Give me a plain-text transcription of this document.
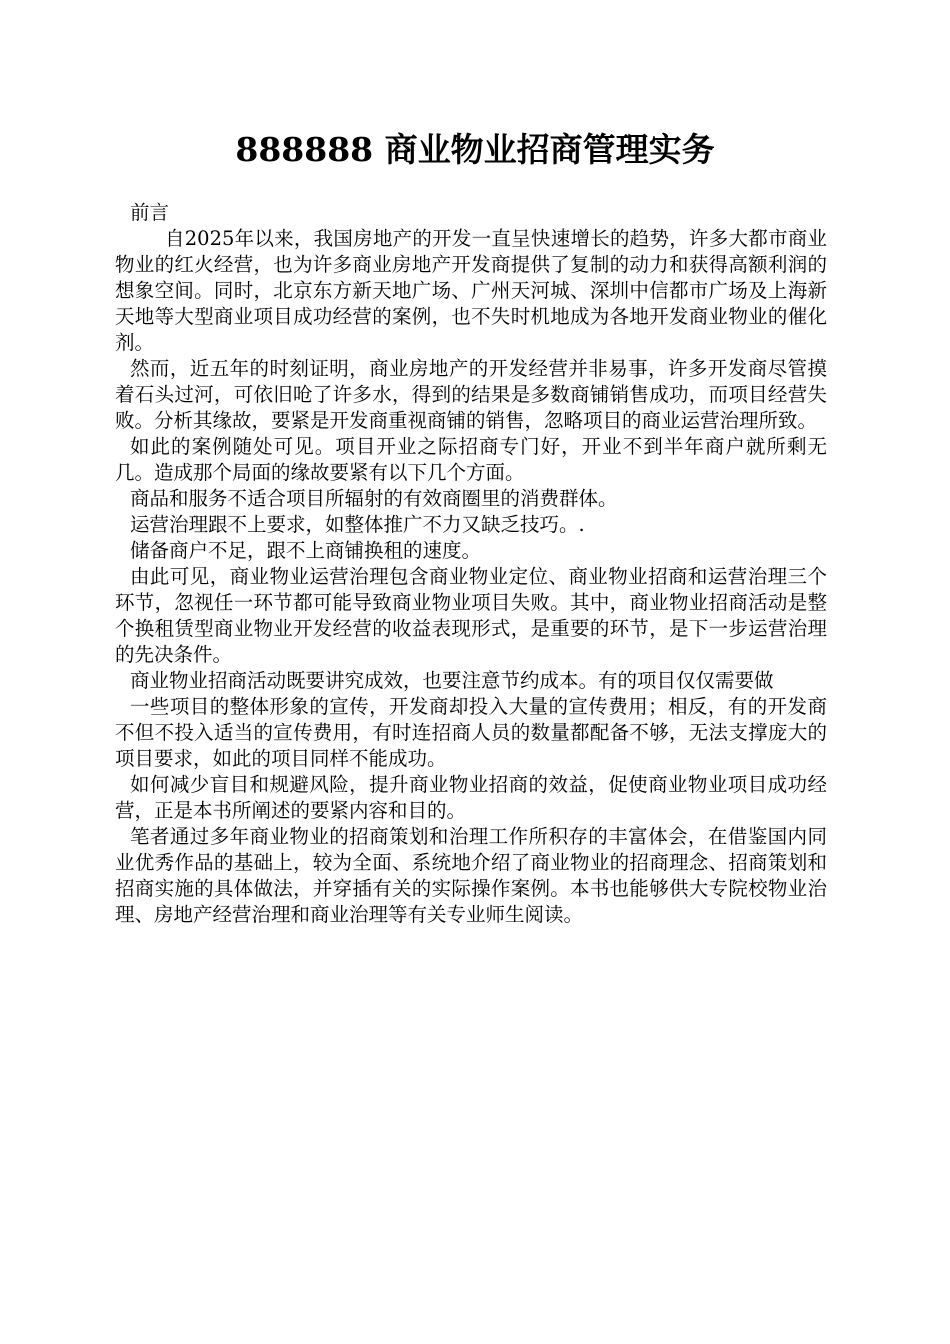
888888 商业物业招商管理实务

前言

自2025年以来，我国房地产的开发一直呈快速增长的趋势，许多大都市商业物业的红火经营，也为许多商业房地产开发商提供了复制的动力和获得高额利润的想象空间。同时，北京东方新天地广场、广州天河城、深圳中信都市广场及上海新天地等大型商业项目成功经营的案例，也不失时机地成为各地开发商业物业的催化剂。

然而，近五年的时刻证明，商业房地产的开发经营并非易事，许多开发商尽管摸着石头过河，可依旧呛了许多水，得到的结果是多数商铺销售成功，而项目经营失败。分析其缘故，要紧是开发商重视商铺的销售，忽略项目的商业运营治理所致。

如此的案例随处可见。项目开业之际招商专门好，开业不到半年商户就所剩无几。造成那个局面的缘故要紧有以下几个方面。

商品和服务不适合项目所辐射的有效商圈里的消费群体。

运营治理跟不上要求，如整体推广不力又缺乏技巧。.

储备商户不足，跟不上商铺换租的速度。

由此可见，商业物业运营治理包含商业物业定位、商业物业招商和运营治理三个环节，忽视任一环节都可能导致商业物业项目失败。其中，商业物业招商活动是整个换租赁型商业物业开发经营的收益表现形式，是重要的环节，是下一步运营治理的先决条件。

商业物业招商活动既要讲究成效，也要注意节约成本。有的项目仅仅需要做

一些项目的整体形象的宣传，开发商却投入大量的宣传费用；相反，有的开发商不但不投入适当的宣传费用，有时连招商人员的数量都配备不够，无法支撑庞大的项目要求，如此的项目同样不能成功。

如何减少盲目和规避风险，提升商业物业招商的效益，促使商业物业项目成功经营，正是本书所阐述的要紧内容和目的。

笔者通过多年商业物业的招商策划和治理工作所积存的丰富体会，在借鉴国内同业优秀作品的基础上，较为全面、系统地介绍了商业物业的招商理念、招商策划和招商实施的具体做法，并穿插有关的实际操作案例。本书也能够供大专院校物业治理、房地产经营治理和商业治理等有关专业师生阅读。
